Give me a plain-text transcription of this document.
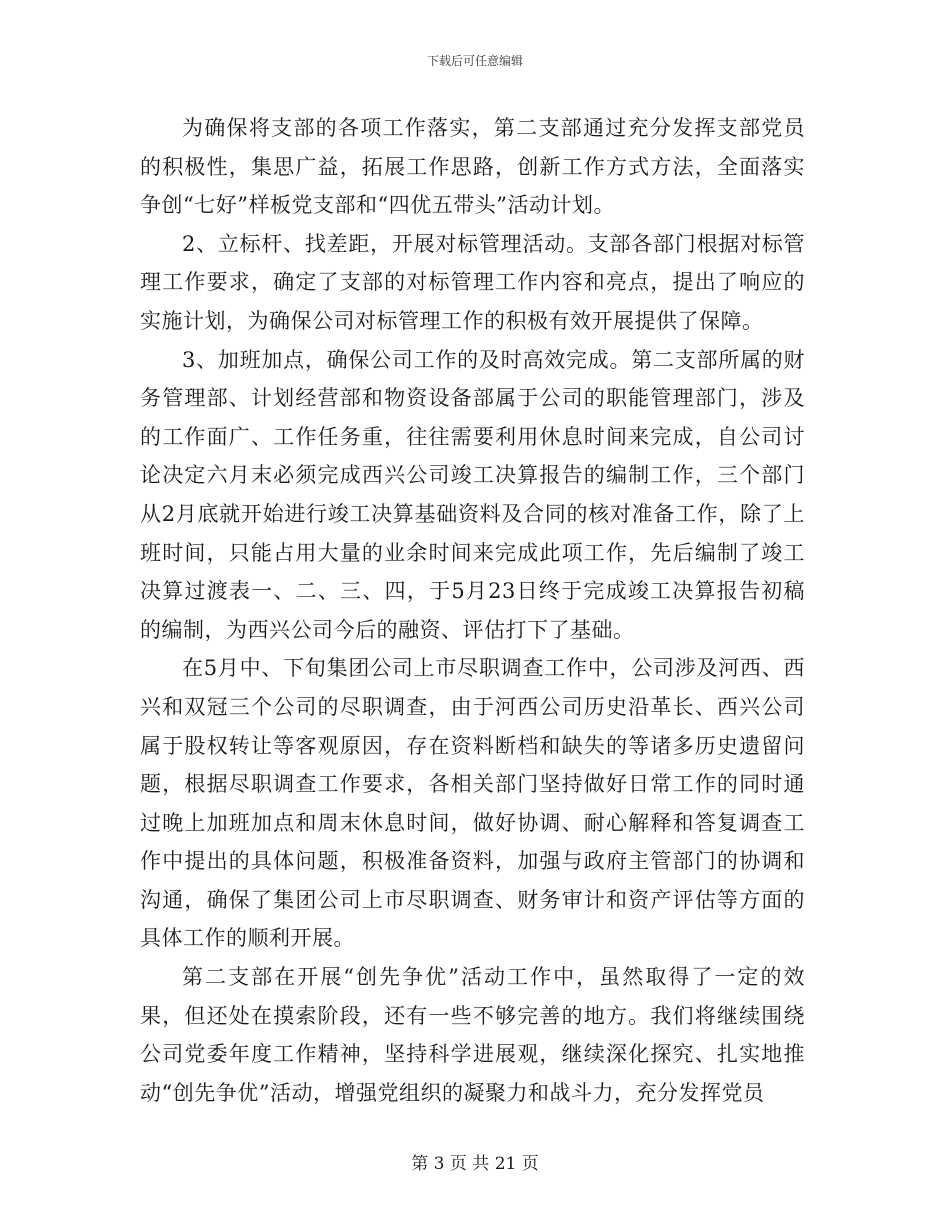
下载后可任意编辑

为确保将支部的各项工作落实，第二支部通过充分发挥支部党员的积极性，集思广益，拓展工作思路，创新工作方式方法，全面落实争创“七好”样板党支部和“四优五带头”活动计划。

2、立标杆、找差距，开展对标管理活动。支部各部门根据对标管理工作要求，确定了支部的对标管理工作内容和亮点，提出了响应的实施计划，为确保公司对标管理工作的积极有效开展提供了保障。

3、加班加点，确保公司工作的及时高效完成。第二支部所属的财务管理部、计划经营部和物资设备部属于公司的职能管理部门，涉及的工作面广、工作任务重，往往需要利用休息时间来完成，自公司讨论决定六月末必须完成西兴公司竣工决算报告的编制工作，三个部门从2月底就开始进行竣工决算基础资料及合同的核对准备工作，除了上班时间，只能占用大量的业余时间来完成此项工作，先后编制了竣工决算过渡表一、二、三、四，于5月23日终于完成竣工决算报告初稿的编制，为西兴公司今后的融资、评估打下了基础。

在5月中、下旬集团公司上市尽职调查工作中，公司涉及河西、西兴和双冠三个公司的尽职调查，由于河西公司历史沿革长、西兴公司属于股权转让等客观原因，存在资料断档和缺失的等诸多历史遗留问题，根据尽职调查工作要求，各相关部门坚持做好日常工作的同时通过晚上加班加点和周末休息时间，做好协调、耐心解释和答复调查工作中提出的具体问题，积极准备资料，加强与政府主管部门的协调和沟通，确保了集团公司上市尽职调查、财务审计和资产评估等方面的具体工作的顺利开展。

第二支部在开展“创先争优”活动工作中，虽然取得了一定的效果，但还处在摸索阶段，还有一些不够完善的地方。我们将继续围绕公司党委年度工作精神，坚持科学进展观，继续深化探究、扎实地推动“创先争优”活动，增强党组织的凝聚力和战斗力，充分发挥党员

第 3 页 共 21 页
